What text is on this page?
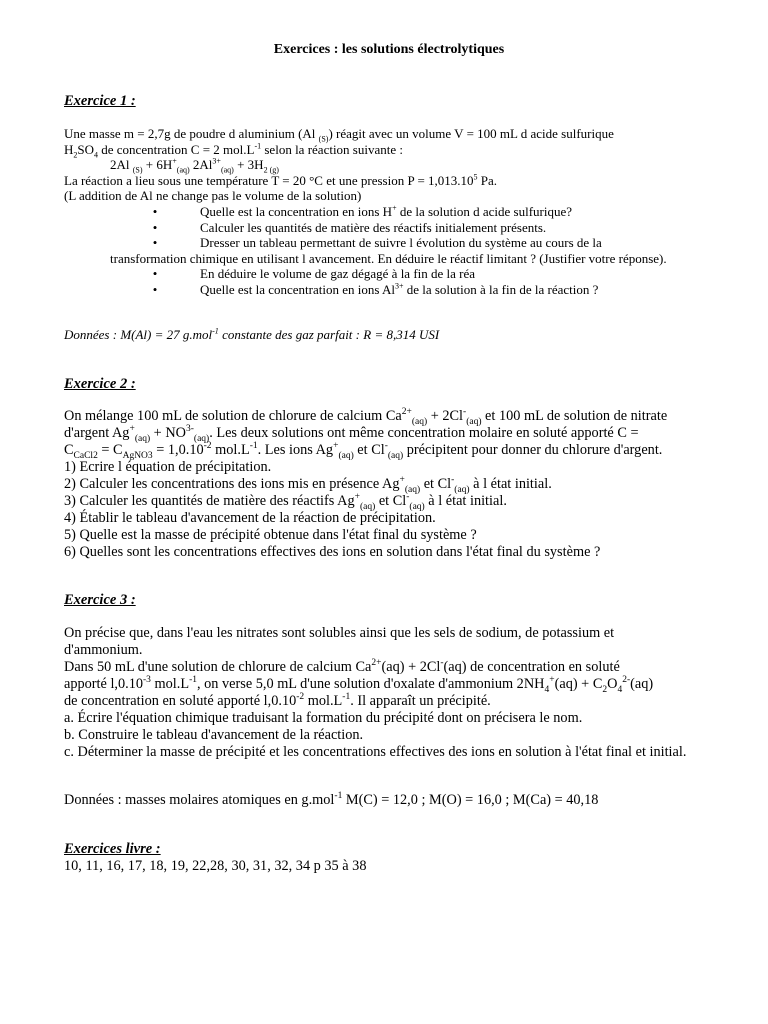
Exercices : les solutions électrolytiques
Exercice 1 :
Une masse m = 2,7g de poudre d aluminium (Al $_{(S)}$) réagit avec un volume V = 100 mL d acide sulfurique
$H_2SO_4$ de concentration C = 2 $mol.L^{-1}$ selon la réaction suivante :
2Al $_{(S)} + 6H^+_{(aq)}$ $2Al^{3+}_{(aq)} + 3H_{2 (g)}$
La réaction a lieu sous une température T = 20 °C et une pression $P = 1,013.10^5$ Pa.
(L addition de Al ne change pas le volume de la solution)
•	Quelle est la concentration en ions H+ de la solution d acide sulfurique?
•	Calculer les quantités de matière des réactifs initialement présents.
•	Dresser un tableau permettant de suivre l évolution du système au cours de la
transformation chimique en utilisant l avancement. En déduire le réactif limitant ? (Justifier votre réponse).
•	En déduire le volume de gaz dégagé à la fin de la réa
•	Quelle est la concentration en ions $Al^{3+}$ de la solution à la fin de la réaction ?
Données : M(Al) = 27 g.mol$^{-1}$ constante des gaz parfait : R = 8,314 USI
Exercice 2 :
On mélange 100 mL de solution de chlorure de calcium $Ca^{2+}_{(aq)} + 2Cl^-_{(aq)}$ et 100 mL de solution de nitrate
d'argent $Ag^+_{(aq)} + NO^{3-}_{(aq)}$. Les deux solutions ont même concentration molaire en soluté apporté C =
$C_{CaCl2} = C_{AgNO3} = 1,0.10^{-2}$ $mol.L^{-1}$. Les ions $Ag^+_{(aq)}$ et $Cl^-_{(aq)}$ précipitent pour donner du chlorure d'argent.
1) Ecrire l équation de précipitation.
2) Calculer les concentrations des ions mis en présence $Ag^+_{(aq)}$ et $Cl^-_{(aq)}$ à l état initial.
3) Calculer les quantités de matière des réactifs $Ag^+_{(aq)}$ et $Cl^-_{(aq)}$ à l état initial.
4) Établir le tableau d'avancement de la réaction de précipitation.
5) Quelle est la masse de précipité obtenue dans l'état final du système ?
6) Quelles sont les concentrations effectives des ions en solution dans l'état final du système ?
Exercice 3 :
On précise que, dans l'eau les nitrates sont solubles ainsi que les sels de sodium, de potassium et d'ammonium.
Dans 50 mL d'une solution de chlorure de calcium $Ca^{2+}(aq) + 2Cl^-(aq)$ de concentration en soluté
apporté $l,0.10^{-3}$ $mol.L^{-1}$, on verse 5,0 mL d'une solution d'oxalate d'ammonium $2NH_4^+(aq) + C_2O_4^{2-}(aq)$
de concentration en soluté apporté $l,0.10^{-2}$ $mol.L^{-1}$. Il apparaît un précipité.
a. Écrire l'équation chimique traduisant la formation du précipité dont on précisera le nom.
b. Construire le tableau d'avancement de la réaction.
c. Déterminer la masse de précipité et les concentrations effectives des ions en solution à l'état final et initial.
Données : masses molaires atomiques en g.mol$^{-1}$ M(C) = 12,0 ; M(O) = 16,0 ; M(Ca) = 40,18
Exercices livre :
10, 11, 16, 17, 18, 19, 22,28, 30, 31, 32, 34 p 35 à 38
